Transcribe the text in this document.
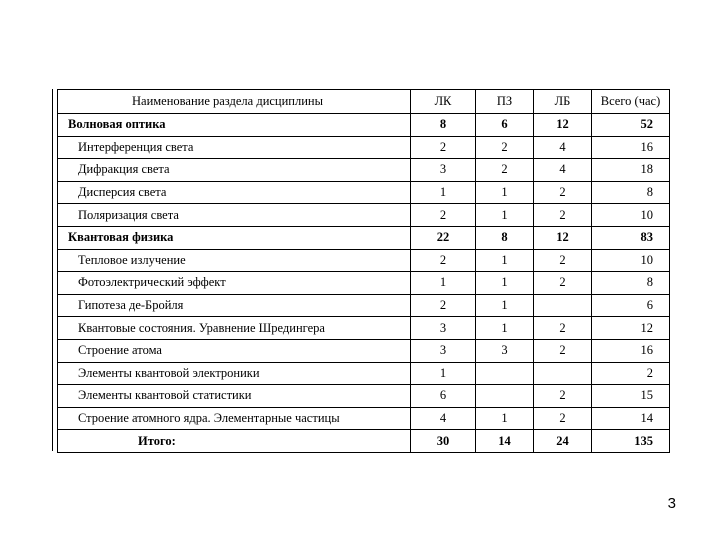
Наименование раздела дисциплины	ЛК	ПЗ	ЛБ	Всего (час)
Волновая оптика	8	6	12	52
Интерференция света	2	2	4	16
Дифракция света	3	2	4	18
Дисперсия света	1	1	2	8
Поляризация света	2	1	2	10
Квантовая физика	22	8	12	83
Тепловое излучение	2	1	2	10
Фотоэлектрический эффект	1	1	2	8
Гипотеза де-Бройля	2	1		6
Квантовые состояния. Уравнение Шредингера	3	1	2	12
Строение атома	3	3	2	16
Элементы квантовой электроники	1			2
Элементы квантовой статистики	6		2	15
Строение атомного ядра. Элементарные частицы	4	1	2	14
Итого:	30	14	24	135
3
